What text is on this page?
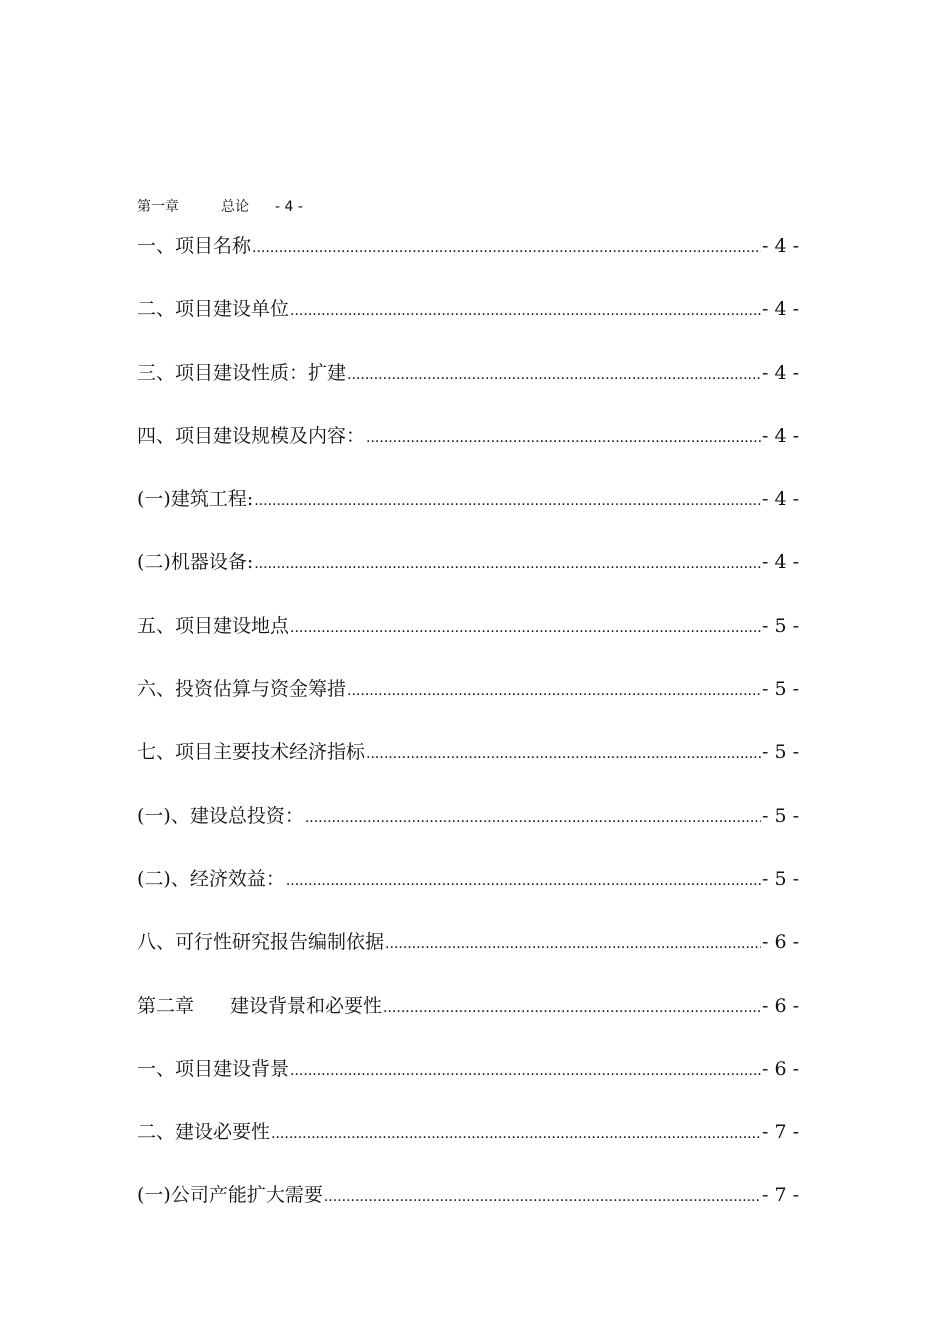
第一章	总论 - 4 -
一、项目名称 .....	- 4 -
二、项目建设单位 .....	- 4 -
三、项目建设性质：扩建 .....	- 4 -
四、项目建设规模及内容： .....	- 4 -
(一)建筑工程: .....	- 4 -
(二)机器设备: .....	- 4 -
五、项目建设地点 .....	- 5 -
六、投资估算与资金筹措 .....	- 5 -
七、项目主要技术经济指标 .....	- 5 -
(一)、建设总投资： .....	- 5 -
(二)、经济效益： .....	- 5 -
八、可行性研究报告编制依据 .....	- 6 -
第二章 建设背景和必要性 .....	- 6 -
一、项目建设背景 .....	- 6 -
二、建设必要性 .....	- 7 -
(一)公司产能扩大需要 .....	- 7 -
